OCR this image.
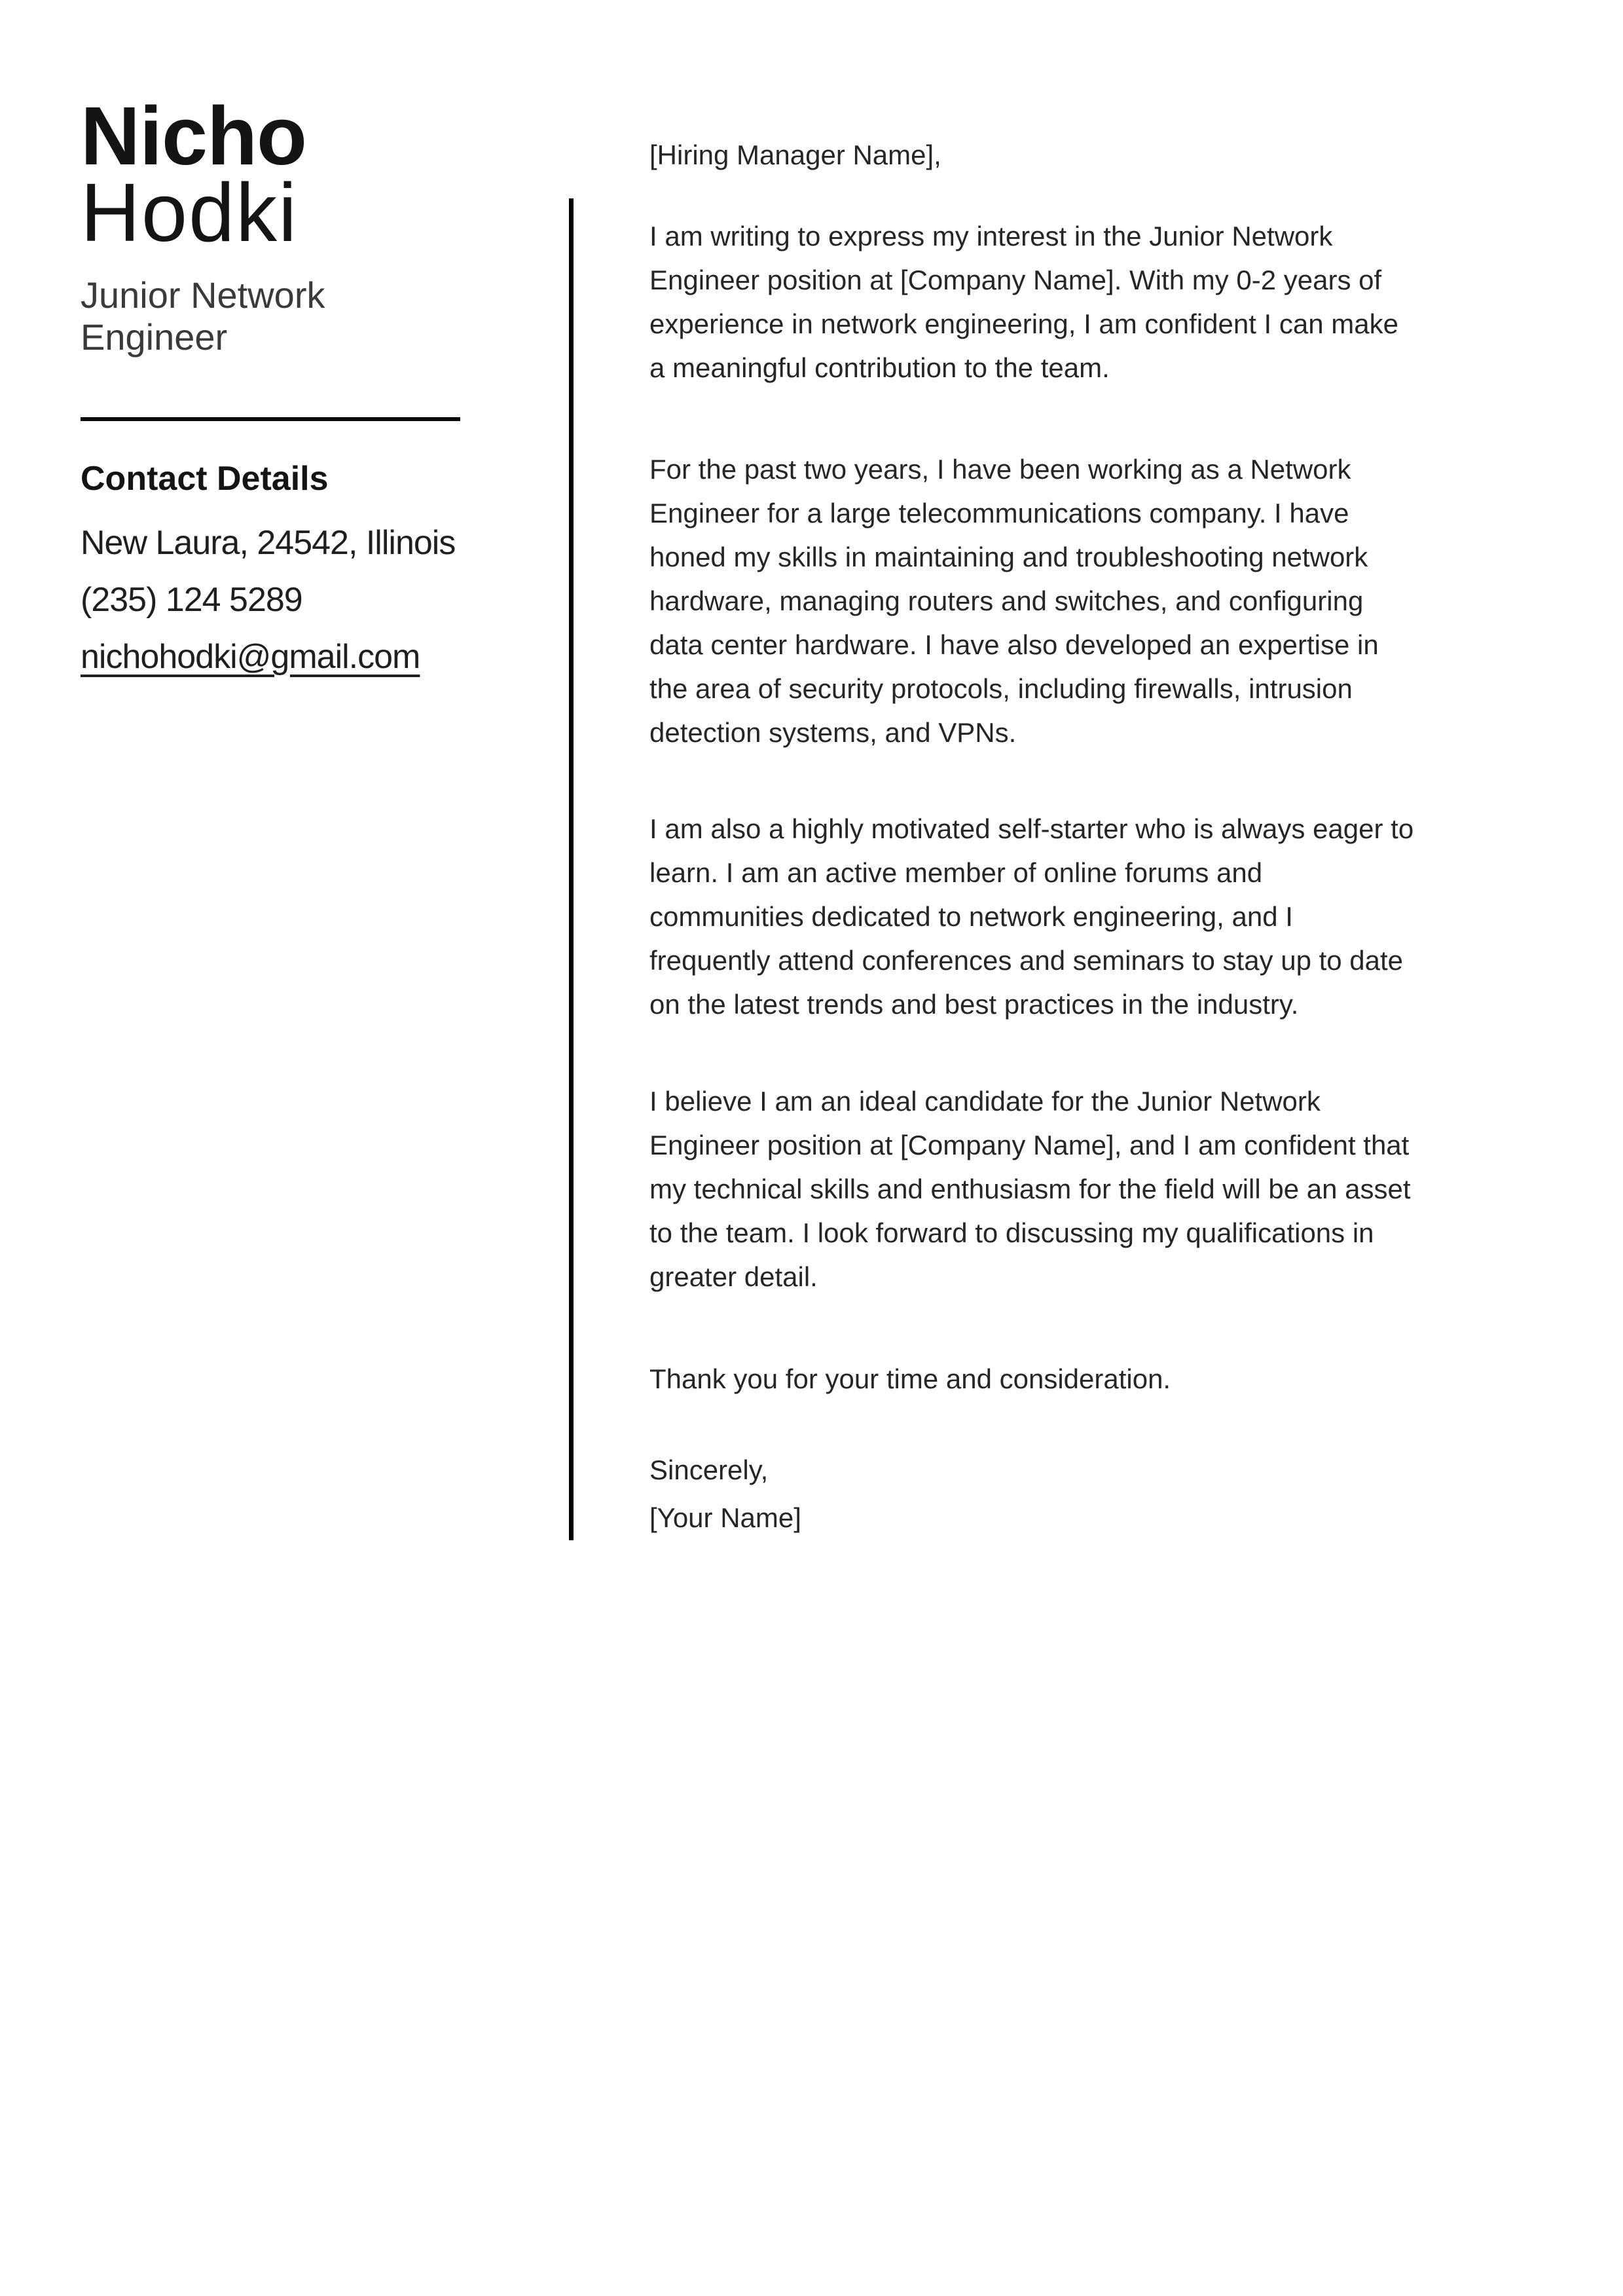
Nicho
Hodki
Junior Network Engineer
Contact Details
New Laura, 24542, Illinois
(235) 124 5289
nichohodki@gmail.com
[Hiring Manager Name],
I am writing to express my interest in the Junior Network
Engineer position at [Company Name]. With my 0-2 years of
experience in network engineering, I am confident I can make
a meaningful contribution to the team.
For the past two years, I have been working as a Network
Engineer for a large telecommunications company. I have
honed my skills in maintaining and troubleshooting network
hardware, managing routers and switches, and configuring
data center hardware. I have also developed an expertise in
the area of security protocols, including firewalls, intrusion
detection systems, and VPNs.
I am also a highly motivated self-starter who is always eager to
learn. I am an active member of online forums and
communities dedicated to network engineering, and I
frequently attend conferences and seminars to stay up to date
on the latest trends and best practices in the industry.
I believe I am an ideal candidate for the Junior Network
Engineer position at [Company Name], and I am confident that
my technical skills and enthusiasm for the field will be an asset
to the team. I look forward to discussing my qualifications in
greater detail.
Thank you for your time and consideration.
Sincerely,
[Your Name]
